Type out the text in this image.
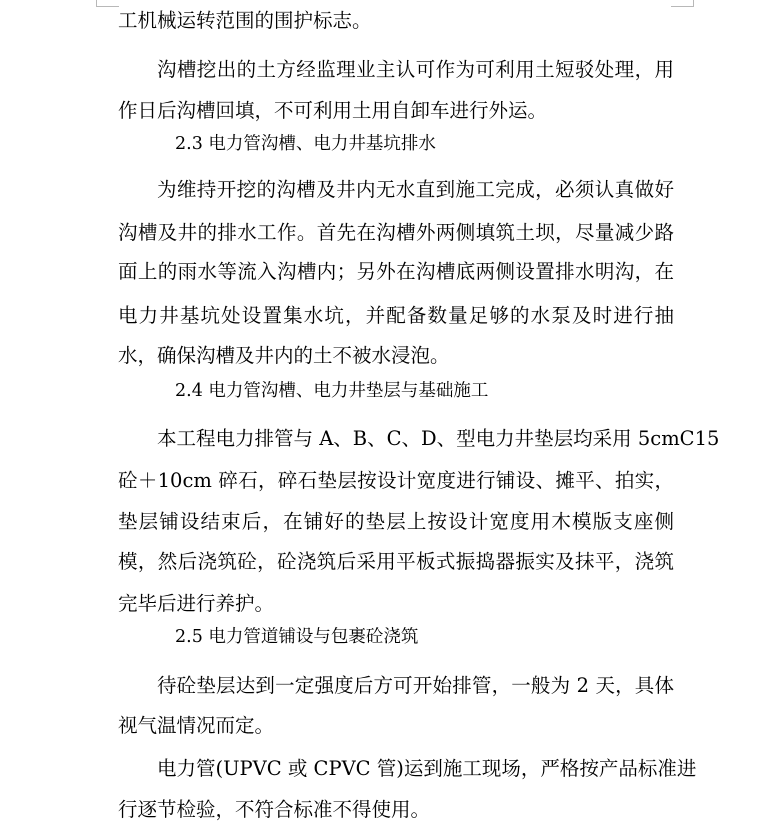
工机械运转范围的围护标志。
沟槽挖出的土方经监理业主认可作为可利用土短驳处理，用
作日后沟槽回填，不可利用土用自卸车进行外运。
2.3 电力管沟槽、电力井基坑排水
为维持开挖的沟槽及井内无水直到施工完成，必须认真做好
沟槽及井的排水工作。首先在沟槽外两侧填筑土坝，尽量减少路
面上的雨水等流入沟槽内；另外在沟槽底两侧设置排水明沟，在
电力井基坑处设置集水坑，并配备数量足够的水泵及时进行抽
水，确保沟槽及井内的土不被水浸泡。
2.4 电力管沟槽、电力井垫层与基础施工
本工程电力排管与 A、B、C、D、型电力井垫层均采用 5cmC15
砼＋10cm 碎石，碎石垫层按设计宽度进行铺设、摊平、拍实，
垫层铺设结束后，在铺好的垫层上按设计宽度用木模版支座侧
模，然后浇筑砼，砼浇筑后采用平板式振捣器振实及抹平，浇筑
完毕后进行养护。
2.5 电力管道铺设与包裹砼浇筑
待砼垫层达到一定强度后方可开始排管，一般为 2 天，具体
视气温情况而定。
电力管(UPVC 或 CPVC 管)运到施工现场，严格按产品标准进
行逐节检验，不符合标准不得使用。
